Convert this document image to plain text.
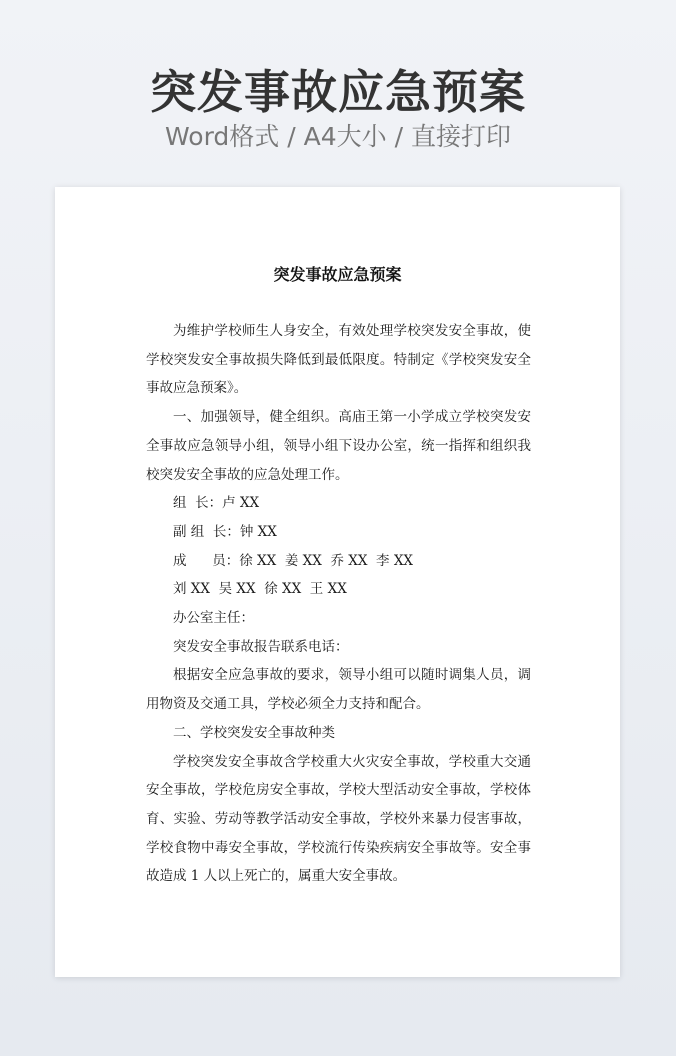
突发事故应急预案
Word格式 / A4大小 / 直接打印
突发事故应急预案

为维护学校师生人身安全，有效处理学校突发安全事故，使学校突发安全事故损失降低到最低限度。特制定《学校突发安全事故应急预案》。

一、加强领导，健全组织。高庙王第一小学成立学校突发安全事故应急领导小组，领导小组下设办公室，统一指挥和组织我校突发安全事故的应急处理工作。

组  长：卢 XX

副 组  长：钟 XX

成      员：徐 XX  姜 XX  乔 XX  李 XX

刘 XX  吴 XX  徐 XX  王 XX

办公室主任：

突发安全事故报告联系电话：

根据安全应急事故的要求，领导小组可以随时调集人员，调用物资及交通工具，学校必须全力支持和配合。

二、学校突发安全事故种类

学校突发安全事故含学校重大火灾安全事故，学校重大交通安全事故，学校危房安全事故，学校大型活动安全事故，学校体育、实验、劳动等教学活动安全事故，学校外来暴力侵害事故，学校食物中毒安全事故，学校流行传染疾病安全事故等。安全事故造成 1 人以上死亡的，属重大安全事故。
